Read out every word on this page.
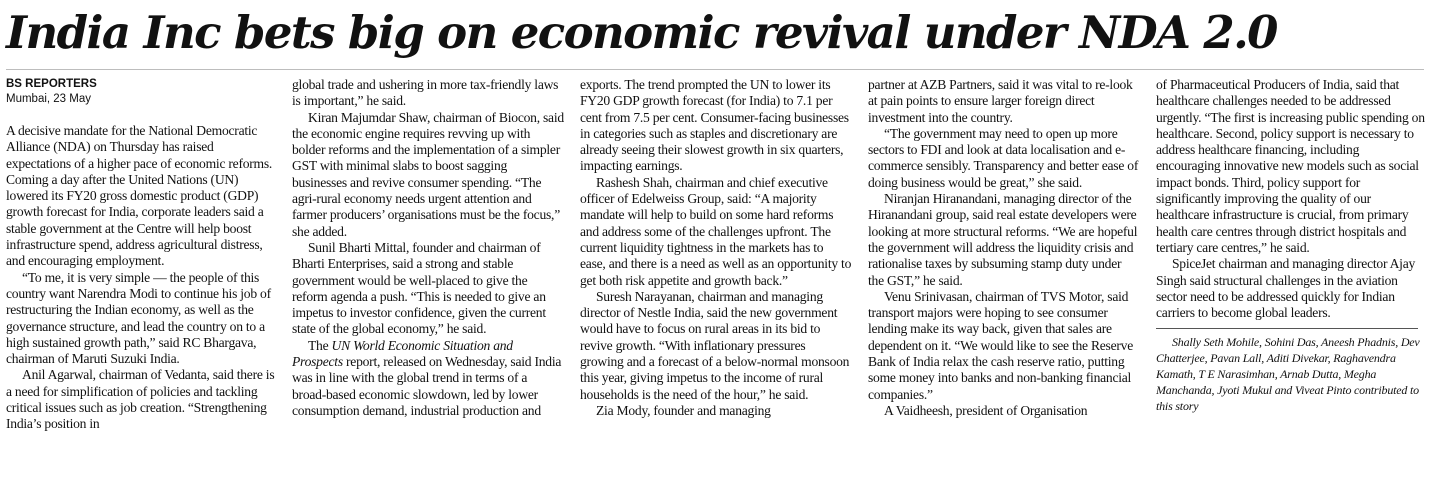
India Inc bets big on economic revival under NDA 2.0
BS REPORTERS
Mumbai, 23 May

A decisive mandate for the National Democratic Alliance (NDA) on Thursday has raised expectations of a higher pace of economic reforms. Coming a day after the United Nations (UN) lowered its FY20 gross domestic product (GDP) growth forecast for India, corporate leaders said a stable government at the Centre will help boost infrastructure spend, address agricultural distress, and encouraging employment.

“To me, it is very simple — the people of this country want Narendra Modi to continue his job of restructuring the Indian economy, as well as the governance structure, and lead the country on to a high sustained growth path,” said RC Bhargava, chairman of Maruti Suzuki India.

Anil Agarwal, chairman of Vedanta, said there is a need for simplification of policies and tackling critical issues such as job creation. “Strengthening India’s position in

global trade and ushering in more tax-friendly laws is important,” he said.

Kiran Majumdar Shaw, chairman of Biocon, said the economic engine requires revving up with bolder reforms and the implementation of a simpler GST with minimal slabs to boost sagging businesses and revive consumer spending. “The agri-rural economy needs urgent attention and farmer producers’ organisations must be the focus,” she added.

Sunil Bharti Mittal, founder and chairman of Bharti Enterprises, said a strong and stable government would be well-placed to give the reform agenda a push. “This is needed to give an impetus to investor confidence, given the current state of the global economy,” he said.

The UN World Economic Situation and Prospects report, released on Wednesday, said India was in line with the global trend in terms of a broad-based economic slowdown, led by lower consumption demand, industrial production and

exports. The trend prompted the UN to lower its FY20 GDP growth forecast (for India) to 7.1 per cent from 7.5 per cent. Consumer-facing businesses in categories such as staples and discretionary are already seeing their slowest growth in six quarters, impacting earnings.

Rashesh Shah, chairman and chief executive officer of Edelweiss Group, said: “A majority mandate will help to build on some hard reforms and address some of the challenges upfront. The current liquidity tightness in the markets has to ease, and there is a need as well as an opportunity to get both risk appetite and growth back.”

Suresh Narayanan, chairman and managing director of Nestle India, said the new government would have to focus on rural areas in its bid to revive growth. “With inflationary pressures growing and a forecast of a below-normal monsoon this year, giving impetus to the income of rural households is the need of the hour,” he said.

Zia Mody, founder and managing

partner at AZB Partners, said it was vital to re-look at pain points to ensure larger foreign direct investment into the country.

“The government may need to open up more sectors to FDI and look at data localisation and e-commerce sensibly. Transparency and better ease of doing business would be great,” she said.

Niranjan Hiranandani, managing director of the Hiranandani group, said real estate developers were looking at more structural reforms. “We are hopeful the government will address the liquidity crisis and rationalise taxes by subsuming stamp duty under the GST,” he said.

Venu Srinivasan, chairman of TVS Motor, said transport majors were hoping to see consumer lending make its way back, given that sales are dependent on it. “We would like to see the Reserve Bank of India relax the cash reserve ratio, putting some money into banks and non-banking financial companies.”

A Vaidheesh, president of Organisation

of Pharmaceutical Producers of India, said that healthcare challenges needed to be addressed urgently. “The first is increasing public spending on healthcare. Second, policy support is necessary to address healthcare financing, including encouraging innovative new models such as social impact bonds. Third, policy support for significantly improving the quality of our healthcare infrastructure is crucial, from primary health care centres through district hospitals and tertiary care centres,” he said.

SpiceJet chairman and managing director Ajay Singh said structural challenges in the aviation sector need to be addressed quickly for Indian carriers to become global leaders.

Shally Seth Mohile, Sohini Das, Aneesh Phadnis, Dev Chatterjee, Pavan Lall, Aditi Divekar, Raghavendra Kamath, T E Narasimhan, Arnab Dutta, Megha Manchanda, Jyoti Mukul and Viveat Pinto contributed to this story
